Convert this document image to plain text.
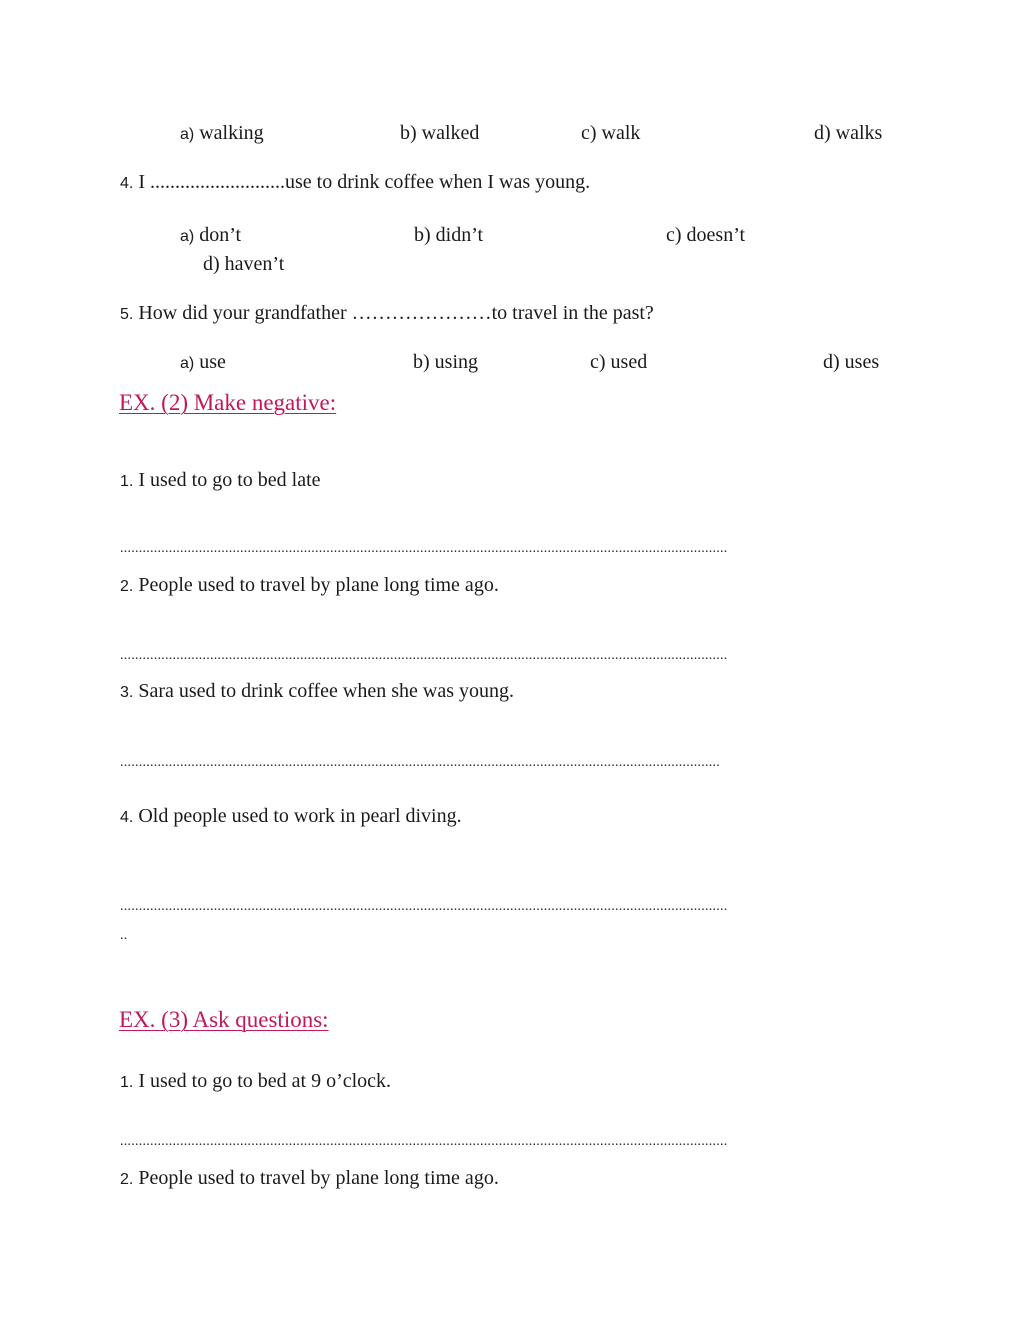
a) walking	b) walked	c) walk	d) walks
4. I ...........................use to drink coffee when I was young.
a) don’t	b) didn’t	c) doesn’t
d) haven’t
5. How did your grandfather …………………to travel in the past?
a) use	b) using	c) used	d) uses
EX. (2) Make negative:
1. I used to go to bed late
..................................................................................................................................................................
2. People used to travel by plane long time ago.
..................................................................................................................................................................
3. Sara used to drink coffee when she was young.
................................................................................................................................................................
4. Old people used to work in pearl diving.
..................................................................................................................................................................
..
EX. (3) Ask questions:
1. I used to go to bed at 9 o’clock.
..................................................................................................................................................................
2. People used to travel by plane long time ago.
